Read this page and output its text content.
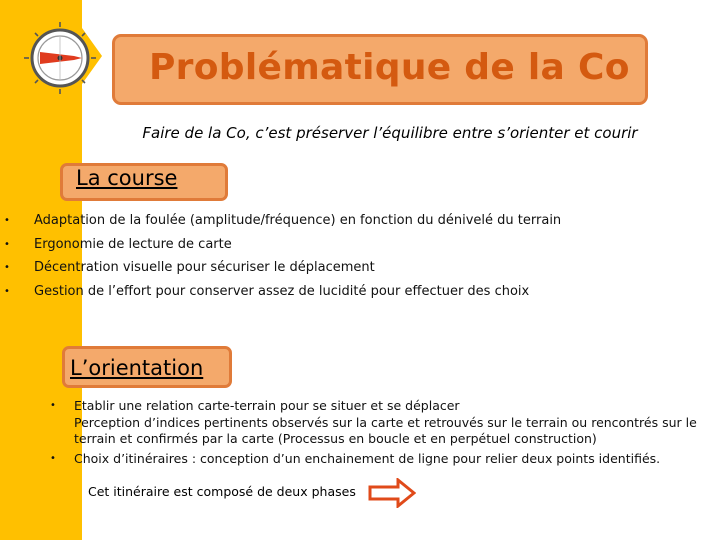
Problématique de la Co
Faire de la Co, c’est préserver l’équilibre entre s’orienter et courir
La course
• Adaptation de la foulée (amplitude/fréquence) en fonction du dénivelé du terrain
• Ergonomie de lecture de carte
• Décentration visuelle pour sécuriser le déplacement
• Gestion de l’effort pour conserver assez de lucidité pour effectuer des choix
L’orientation
• Etablir une relation carte-terrain pour se situer et se déplacer
Perception d’indices pertinents observés sur la carte et retrouvés sur le terrain ou rencontrés sur le
terrain et confirmés par la carte (Processus en boucle et en perpétuel construction)
• Choix d’itinéraires : conception d’un enchainement de ligne pour relier deux points identifiés.
Cet itinéraire est composé de deux phases
